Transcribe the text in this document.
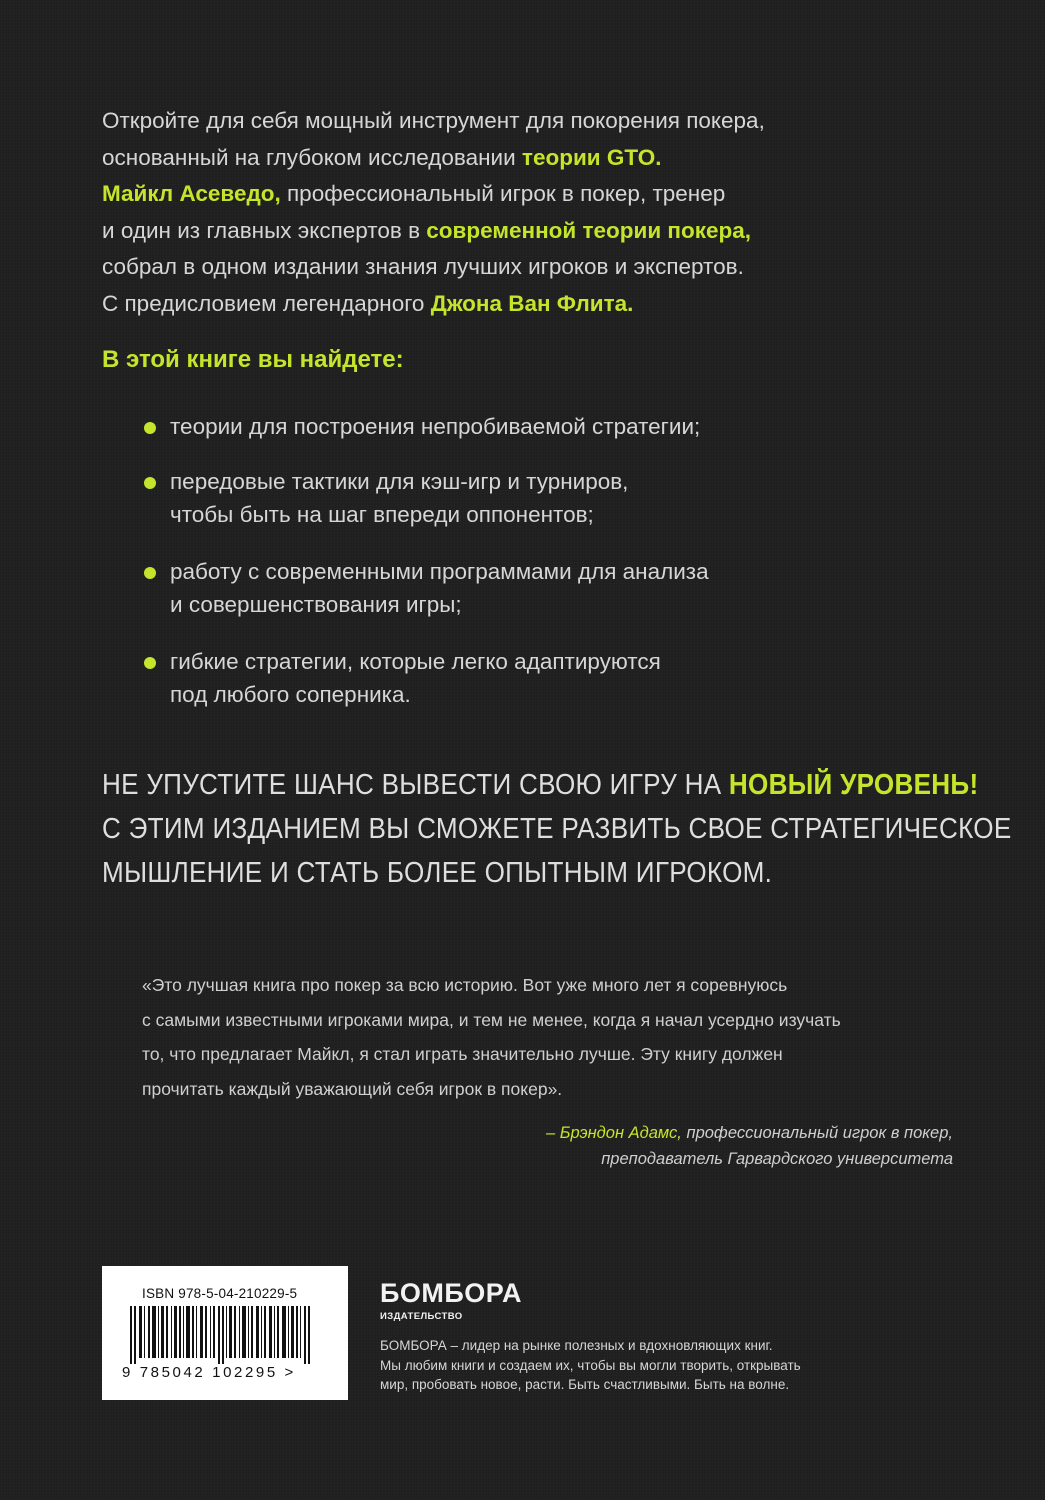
Откройте для себя мощный инструмент для покорения покера,
основанный на глубоком исследовании теории GTO.
Майкл Асеведо, профессиональный игрок в покер, тренер
и один из главных экспертов в современной теории покера,
собрал в одном издании знания лучших игроков и экспертов.
С предисловием легендарного Джона Ван Флита.
В этой книге вы найдете:
теории для построения непробиваемой стратегии;
передовые тактики для кэш-игр и турниров,
чтобы быть на шаг впереди оппонентов;
работу с современными программами для анализа
и совершенствования игры;
гибкие стратегии, которые легко адаптируются
под любого соперника.
НЕ УПУСТИТЕ ШАНС ВЫВЕСТИ СВОЮ ИГРУ НА НОВЫЙ УРОВЕНЬ!
С ЭТИМ ИЗДАНИЕМ ВЫ СМОЖЕТЕ РАЗВИТЬ СВОЕ СТРАТЕГИЧЕСКОЕ
МЫШЛЕНИЕ И СТАТЬ БОЛЕЕ ОПЫТНЫМ ИГРОКОМ.
«Это лучшая книга про покер за всю историю. Вот уже много лет я соревнуюсь
с самыми известными игроками мира, и тем не менее, когда я начал усердно изучать
то, что предлагает Майкл, я стал играть значительно лучше. Эту книгу должен
прочитать каждый уважающий себя игрок в покер».
– Брэндон Адамс, профессиональный игрок в покер,
преподаватель Гарвардского университета
ISBN 978-5-04-210229-5
9 785042 102295 >
БОМБОРА
ИЗДАТЕЛЬСТВО
БОМБОРА – лидер на рынке полезных и вдохновляющих книг.
Мы любим книги и создаем их, чтобы вы могли творить, открывать
мир, пробовать новое, расти. Быть счастливыми. Быть на волне.
